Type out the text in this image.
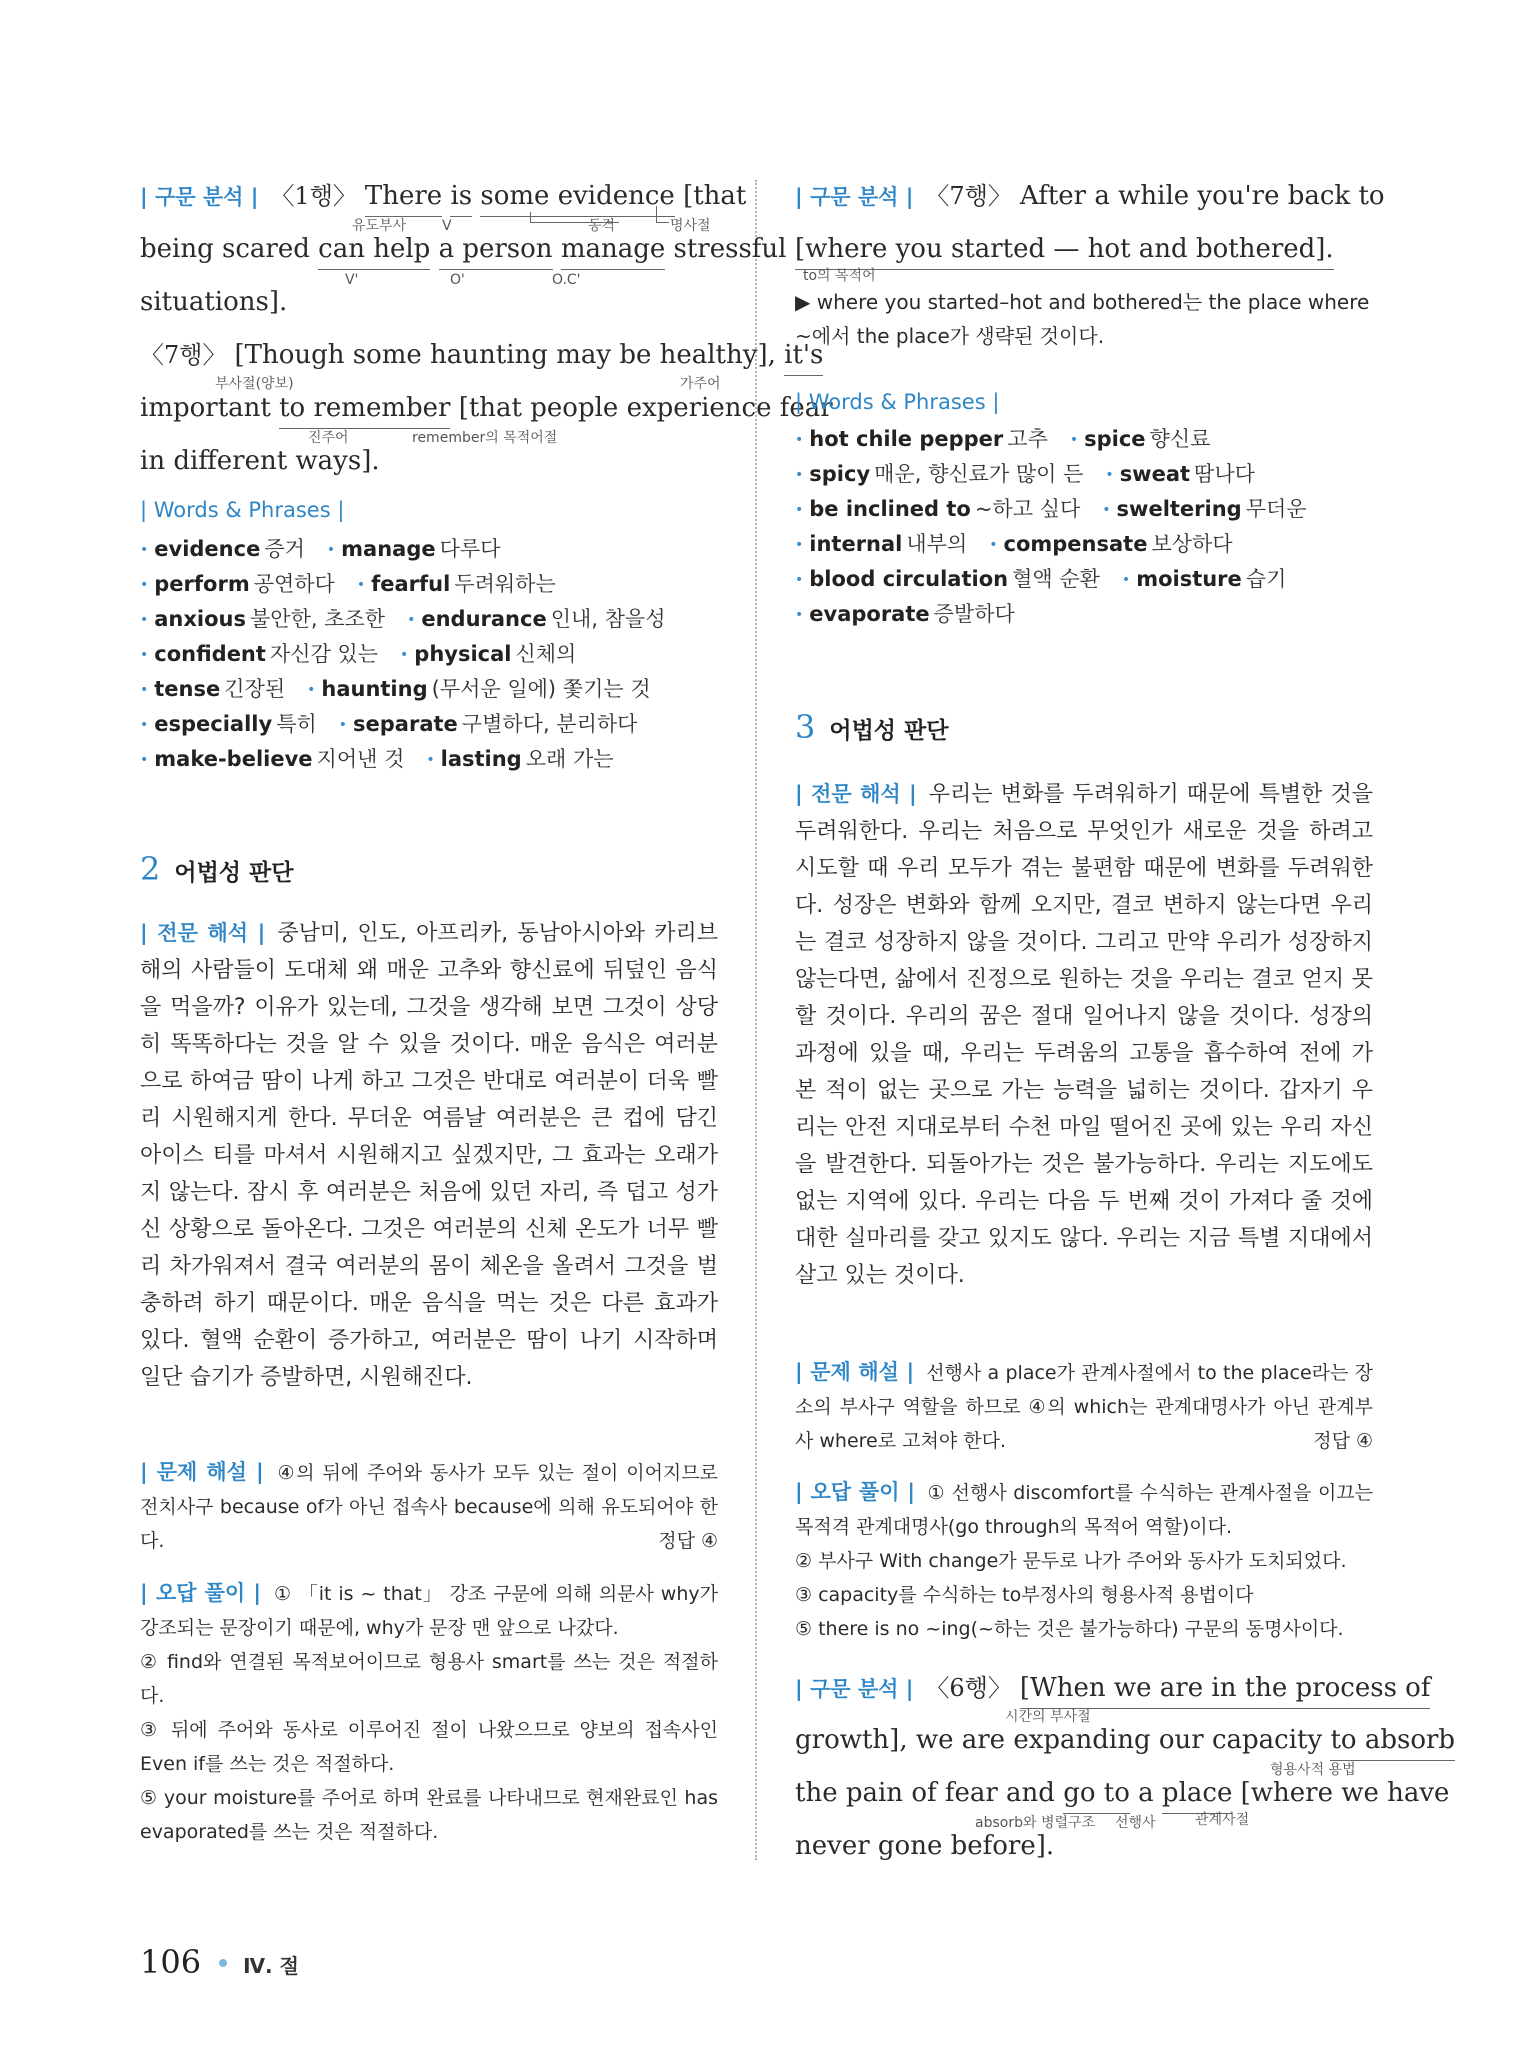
| 구문 분석 | 〈1행〉 There is some evidence [that
유도부사	V	동격	명사절
being scared can help a person manage stressful
V'	O'	O.C'
situations].
〈7행〉 [Though some haunting may be healthy], it's
부사절(양보)	가주어
important to remember [that people experience fear
진주어	remember의 목적어절
in different ways].
| Words & Phrases |
• evidence 증거 • manage 다루다
• perform 공연하다 • fearful 두려워하는
• anxious 불안한, 초조한 • endurance 인내, 참을성
• confident 자신감 있는 • physical 신체의
• tense 긴장된 • haunting (무서운 일에) 쫓기는 것
• especially 특히 • separate 구별하다, 분리하다
• make-believe 지어낸 것 • lasting 오래 가는
2 어법성 판단
| 전문 해석 | 중남미, 인도, 아프리카, 동남아시아와 카리브 해의 사람들이 도대체 왜 매운 고추와 향신료에 뒤덮인 음식을 먹을까? 이유가 있는데, 그것을 생각해 보면 그것이 상당히 똑똑하다는 것을 알 수 있을 것이다. 매운 음식은 여러분으로 하여금 땀이 나게 하고 그것은 반대로 여러분이 더욱 빨리 시원해지게 한다. 무더운 여름날 여러분은 큰 컵에 담긴 아이스 티를 마셔서 시원해지고 싶겠지만, 그 효과는 오래가지 않는다. 잠시 후 여러분은 처음에 있던 자리, 즉 덥고 성가신 상황으로 돌아온다. 그것은 여러분의 신체 온도가 너무 빨리 차가워져서 결국 여러분의 몸이 체온을 올려서 그것을 벌충하려 하기 때문이다. 매운 음식을 먹는 것은 다른 효과가 있다. 혈액 순환이 증가하고, 여러분은 땀이 나기 시작하며 일단 습기가 증발하면, 시원해진다.
| 문제 해설 | ④의 뒤에 주어와 동사가 모두 있는 절이 이어지므로 전치사구 because of가 아닌 접속사 because에 의해 유도되어야 한다.	정답 ④
| 오답 풀이 | ① 「it is ~ that」 강조 구문에 의해 의문사 why가 강조되는 문장이기 때문에, why가 문장 맨 앞으로 나갔다.
② find와 연결된 목적보어이므로 형용사 smart를 쓰는 것은 적절하다.
③ 뒤에 주어와 동사로 이루어진 절이 나왔으므로 양보의 접속사인 Even if를 쓰는 것은 적절하다.
⑤ your moisture를 주어로 하며 완료를 나타내므로 현재완료인 has evaporated를 쓰는 것은 적절하다.
| 구문 분석 | 〈7행〉 After a while you're back to
[where you started — hot and bothered].
to의 목적어
▶ where you started–hot and bothered는 the place where ~에서 the place가 생략된 것이다.
| Words & Phrases |
• hot chile pepper 고추 • spice 향신료
• spicy 매운, 향신료가 많이 든 • sweat 땀나다
• be inclined to ~하고 싶다 • sweltering 무더운
• internal 내부의 • compensate 보상하다
• blood circulation 혈액 순환 • moisture 습기
• evaporate 증발하다
3 어법성 판단
| 전문 해석 | 우리는 변화를 두려워하기 때문에 특별한 것을 두려워한다. 우리는 처음으로 무엇인가 새로운 것을 하려고 시도할 때 우리 모두가 겪는 불편함 때문에 변화를 두려워한다. 성장은 변화와 함께 오지만, 결코 변하지 않는다면 우리는 결코 성장하지 않을 것이다. 그리고 만약 우리가 성장하지 않는다면, 삶에서 진정으로 원하는 것을 우리는 결코 얻지 못할 것이다. 우리의 꿈은 절대 일어나지 않을 것이다. 성장의 과정에 있을 때, 우리는 두려움의 고통을 흡수하여 전에 가 본 적이 없는 곳으로 가는 능력을 넓히는 것이다. 갑자기 우리는 안전 지대로부터 수천 마일 떨어진 곳에 있는 우리 자신을 발견한다. 되돌아가는 것은 불가능하다. 우리는 지도에도 없는 지역에 있다. 우리는 다음 두 번째 것이 가져다 줄 것에 대한 실마리를 갖고 있지도 않다. 우리는 지금 특별 지대에서 살고 있는 것이다.
| 문제 해설 | 선행사 a place가 관계사절에서 to the place라는 장소의 부사구 역할을 하므로 ④의 which는 관계대명사가 아닌 관계부사 where로 고쳐야 한다.	정답 ④
| 오답 풀이 | ① 선행사 discomfort를 수식하는 관계사절을 이끄는 목적격 관계대명사(go through의 목적어 역할)이다.
② 부사구 With change가 문두로 나가 주어와 동사가 도치되었다.
③ capacity를 수식하는 to부정사의 형용사적 용법이다
⑤ there is no ~ing(~하는 것은 불가능하다) 구문의 동명사이다.
| 구문 분석 | 〈6행〉 [When we are in the process of
시간의 부사절
growth], we are expanding our capacity to absorb
형용사적 용법
the pain of fear and go to a place [where we have
absorb와 병렬구조 선행사	관계사절
never gone before].
106 Ⅳ. 절
